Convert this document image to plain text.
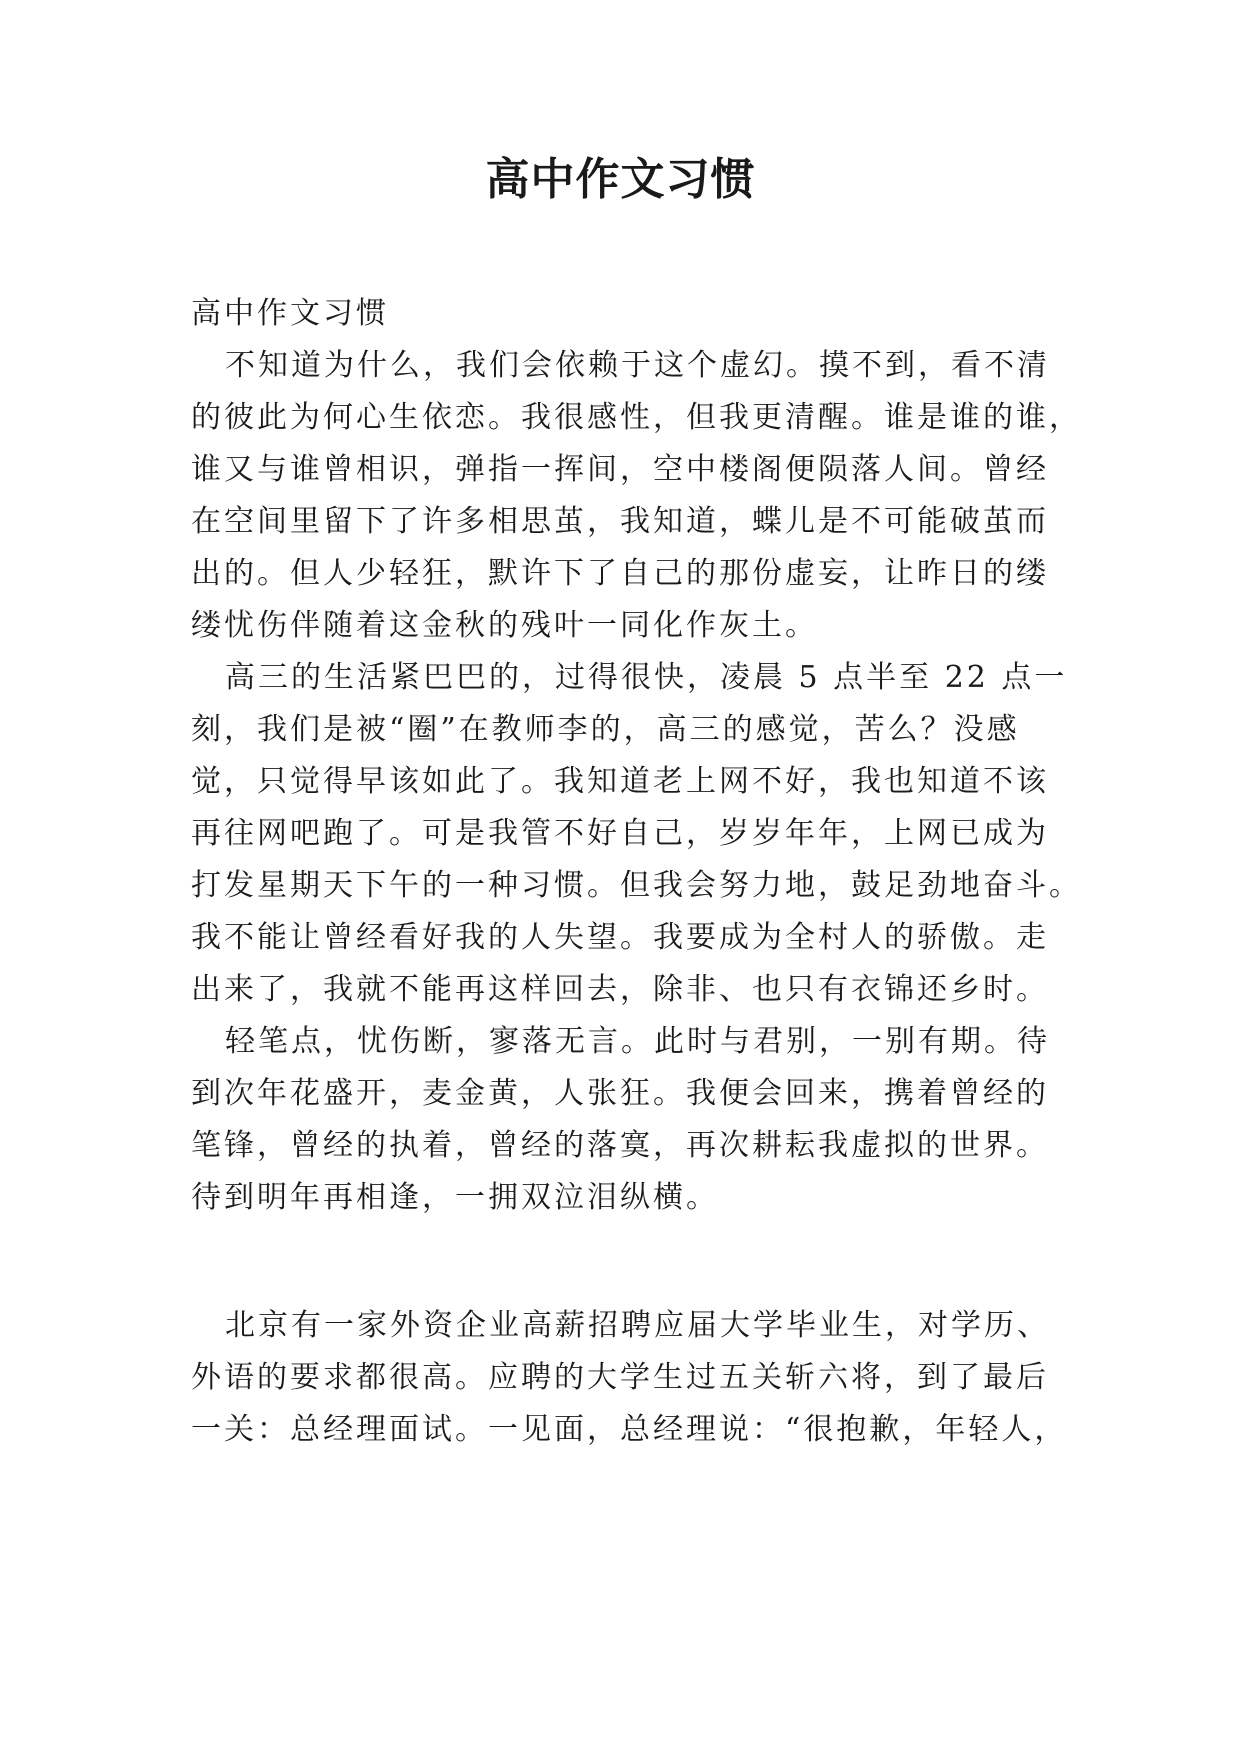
高中作文习惯
高中作文习惯
不知道为什么，我们会依赖于这个虚幻。摸不到，看不清
的彼此为何心生依恋。我很感性，但我更清醒。谁是谁的谁，
谁又与谁曾相识，弹指一挥间，空中楼阁便陨落人间。曾经
在空间里留下了许多相思茧，我知道，蝶儿是不可能破茧而
出的。但人少轻狂，默许下了自己的那份虚妄，让昨日的缕
缕忧伤伴随着这金秋的残叶一同化作灰土。
高三的生活紧巴巴的，过得很快，凌晨 5 点半至 22 点一
刻，我们是被“圈”在教师李的，高三的感觉，苦么？没感
觉，只觉得早该如此了。我知道老上网不好，我也知道不该
再往网吧跑了。可是我管不好自己，岁岁年年，上网已成为
打发星期天下午的一种习惯。但我会努力地，鼓足劲地奋斗。
我不能让曾经看好我的人失望。我要成为全村人的骄傲。走
出来了，我就不能再这样回去，除非、也只有衣锦还乡时。
轻笔点，忧伤断，寥落无言。此时与君别，一别有期。待
到次年花盛开，麦金黄，人张狂。我便会回来，携着曾经的
笔锋，曾经的执着，曾经的落寞，再次耕耘我虚拟的世界。
待到明年再相逢，一拥双泣泪纵横。
北京有一家外资企业高薪招聘应届大学毕业生，对学历、
外语的要求都很高。应聘的大学生过五关斩六将，到了最后
一关：总经理面试。一见面，总经理说：“很抱歉，年轻人，
